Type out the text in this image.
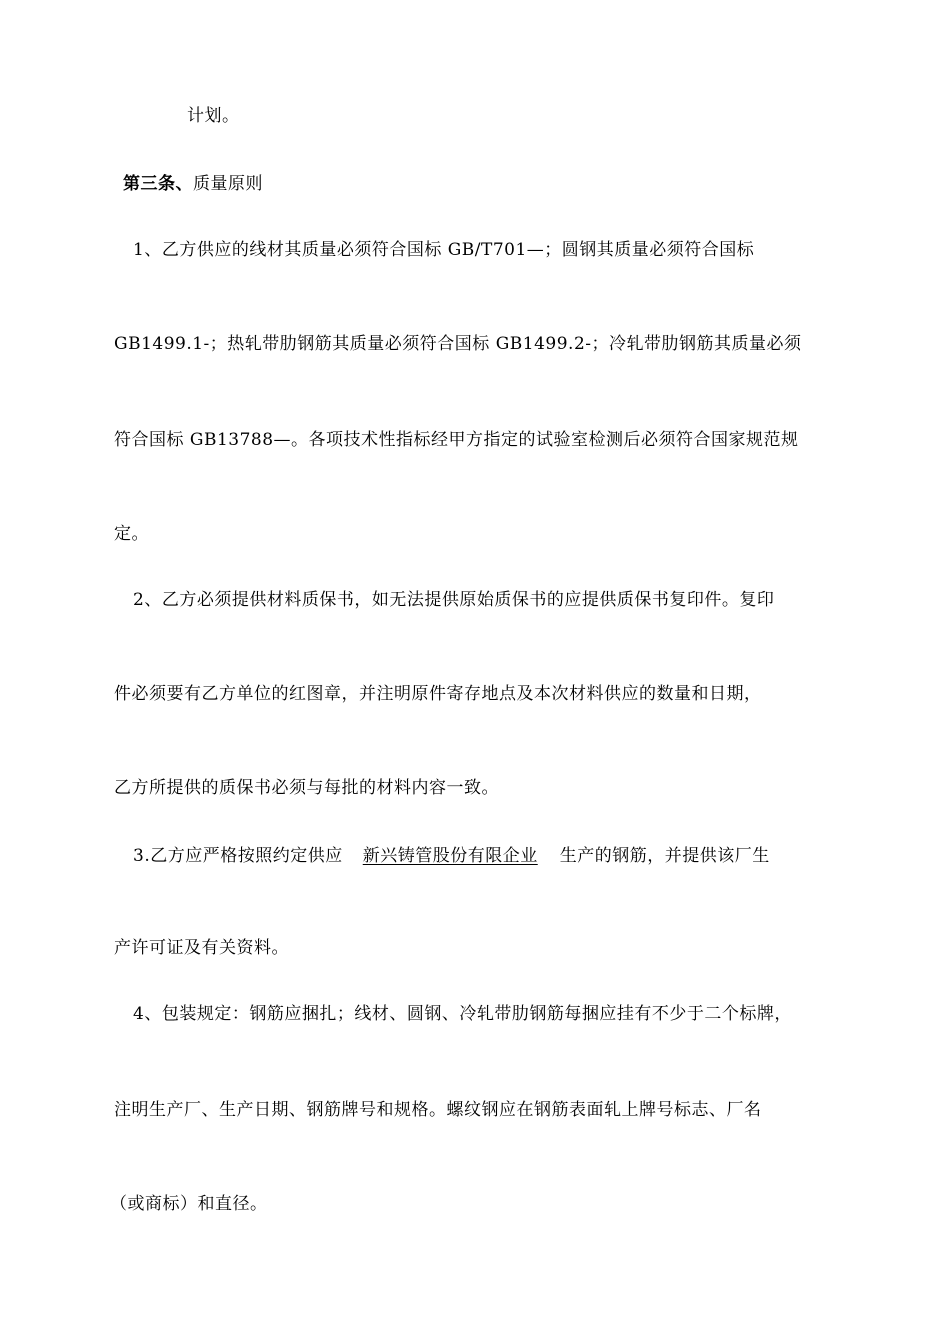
计划。
第三条、质量原则
1、乙方供应的线材其质量必须符合国标 GB/T701—；圆钢其质量必须符合国标
GB1499.1-；热轧带肋钢筋其质量必须符合国标 GB1499.2-；冷轧带肋钢筋其质量必须
符合国标 GB13788—。各项技术性指标经甲方指定的试验室检测后必须符合国家规范规
定。
2、乙方必须提供材料质保书，如无法提供原始质保书的应提供质保书复印件。复印
件必须要有乙方单位的红图章，并注明原件寄存地点及本次材料供应的数量和日期，
乙方所提供的质保书必须与每批的材料内容一致。
3.乙方应严格按照约定供应 新兴铸管股份有限企业 生产的钢筋，并提供该厂生
产许可证及有关资料。
4、包装规定：钢筋应捆扎；线材、圆钢、冷轧带肋钢筋每捆应挂有不少于二个标牌，
注明生产厂、生产日期、钢筋牌号和规格。螺纹钢应在钢筋表面轧上牌号标志、厂名
（或商标）和直径。
